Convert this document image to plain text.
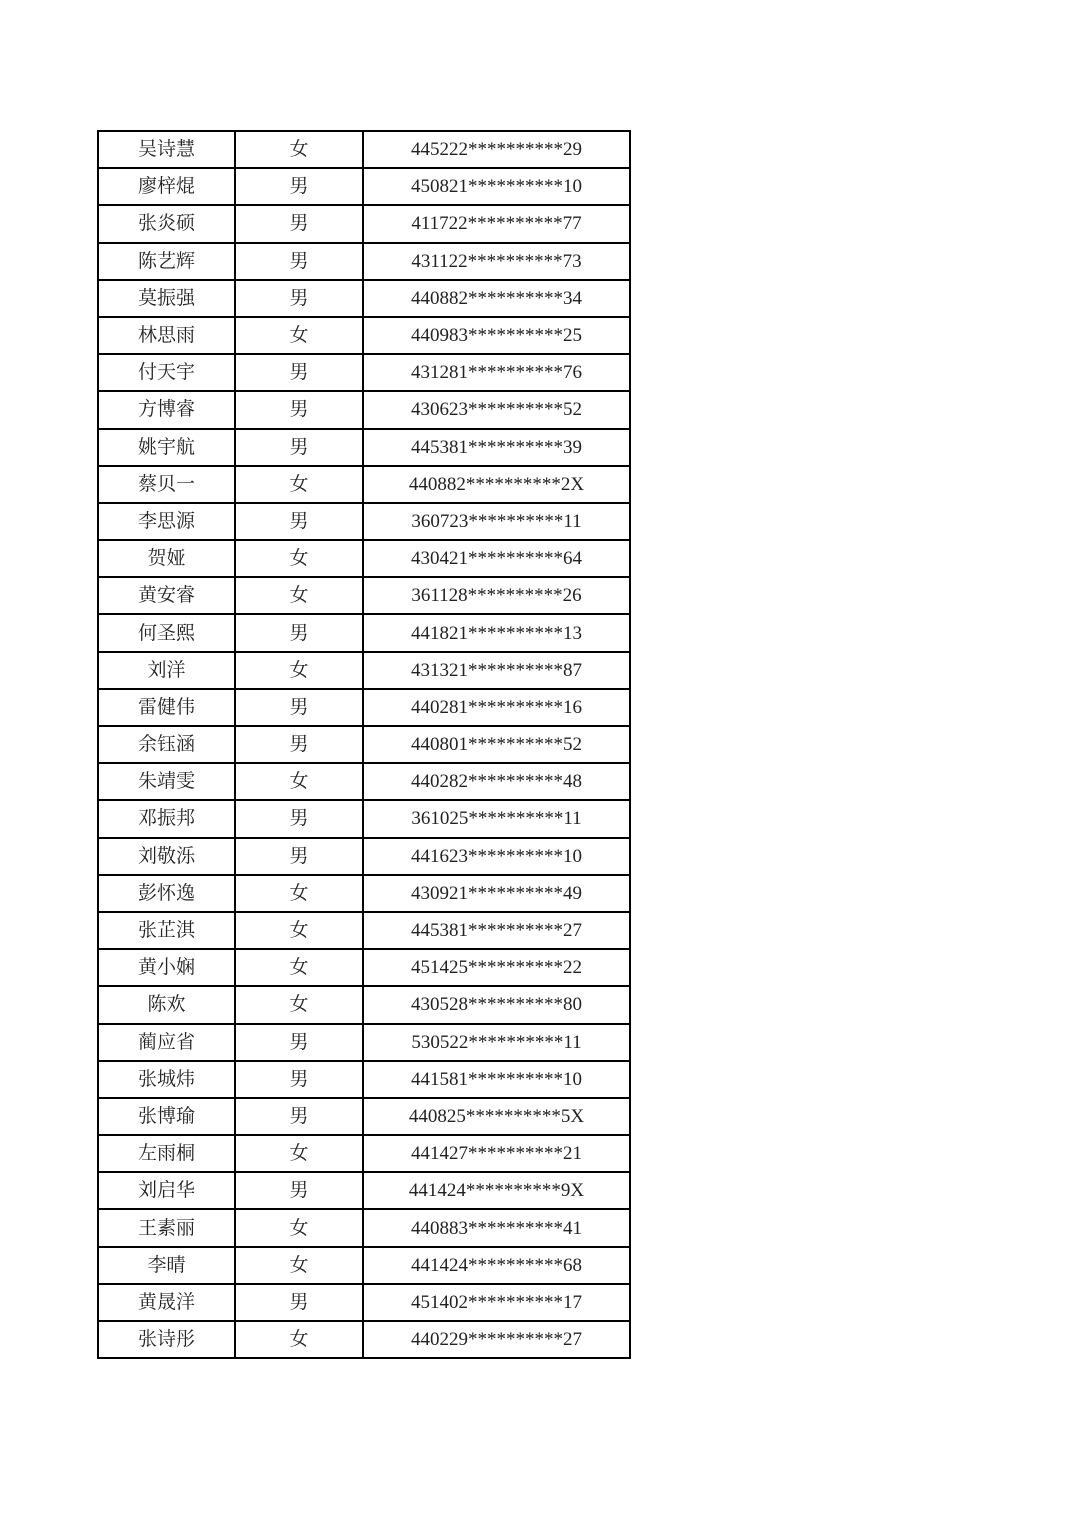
吴诗慧	女	445222**********29
廖梓焜	男	450821**********10
张炎硕	男	411722**********77
陈艺辉	男	431122**********73
莫振强	男	440882**********34
林思雨	女	440983**********25
付天宇	男	431281**********76
方博睿	男	430623**********52
姚宇航	男	445381**********39
蔡贝一	女	440882**********2X
李思源	男	360723**********11
贺娅	女	430421**********64
黄安睿	女	361128**********26
何圣熙	男	441821**********13
刘洋	女	431321**********87
雷健伟	男	440281**********16
余钰涵	男	440801**********52
朱靖雯	女	440282**********48
邓振邦	男	361025**********11
刘敬泺	男	441623**********10
彭怀逸	女	430921**********49
张芷淇	女	445381**********27
黄小娴	女	451425**********22
陈欢	女	430528**********80
蔺应省	男	530522**********11
张城炜	男	441581**********10
张博瑜	男	440825**********5X
左雨桐	女	441427**********21
刘启华	男	441424**********9X
王素丽	女	440883**********41
李晴	女	441424**********68
黄晟洋	男	451402**********17
张诗彤	女	440229**********27
